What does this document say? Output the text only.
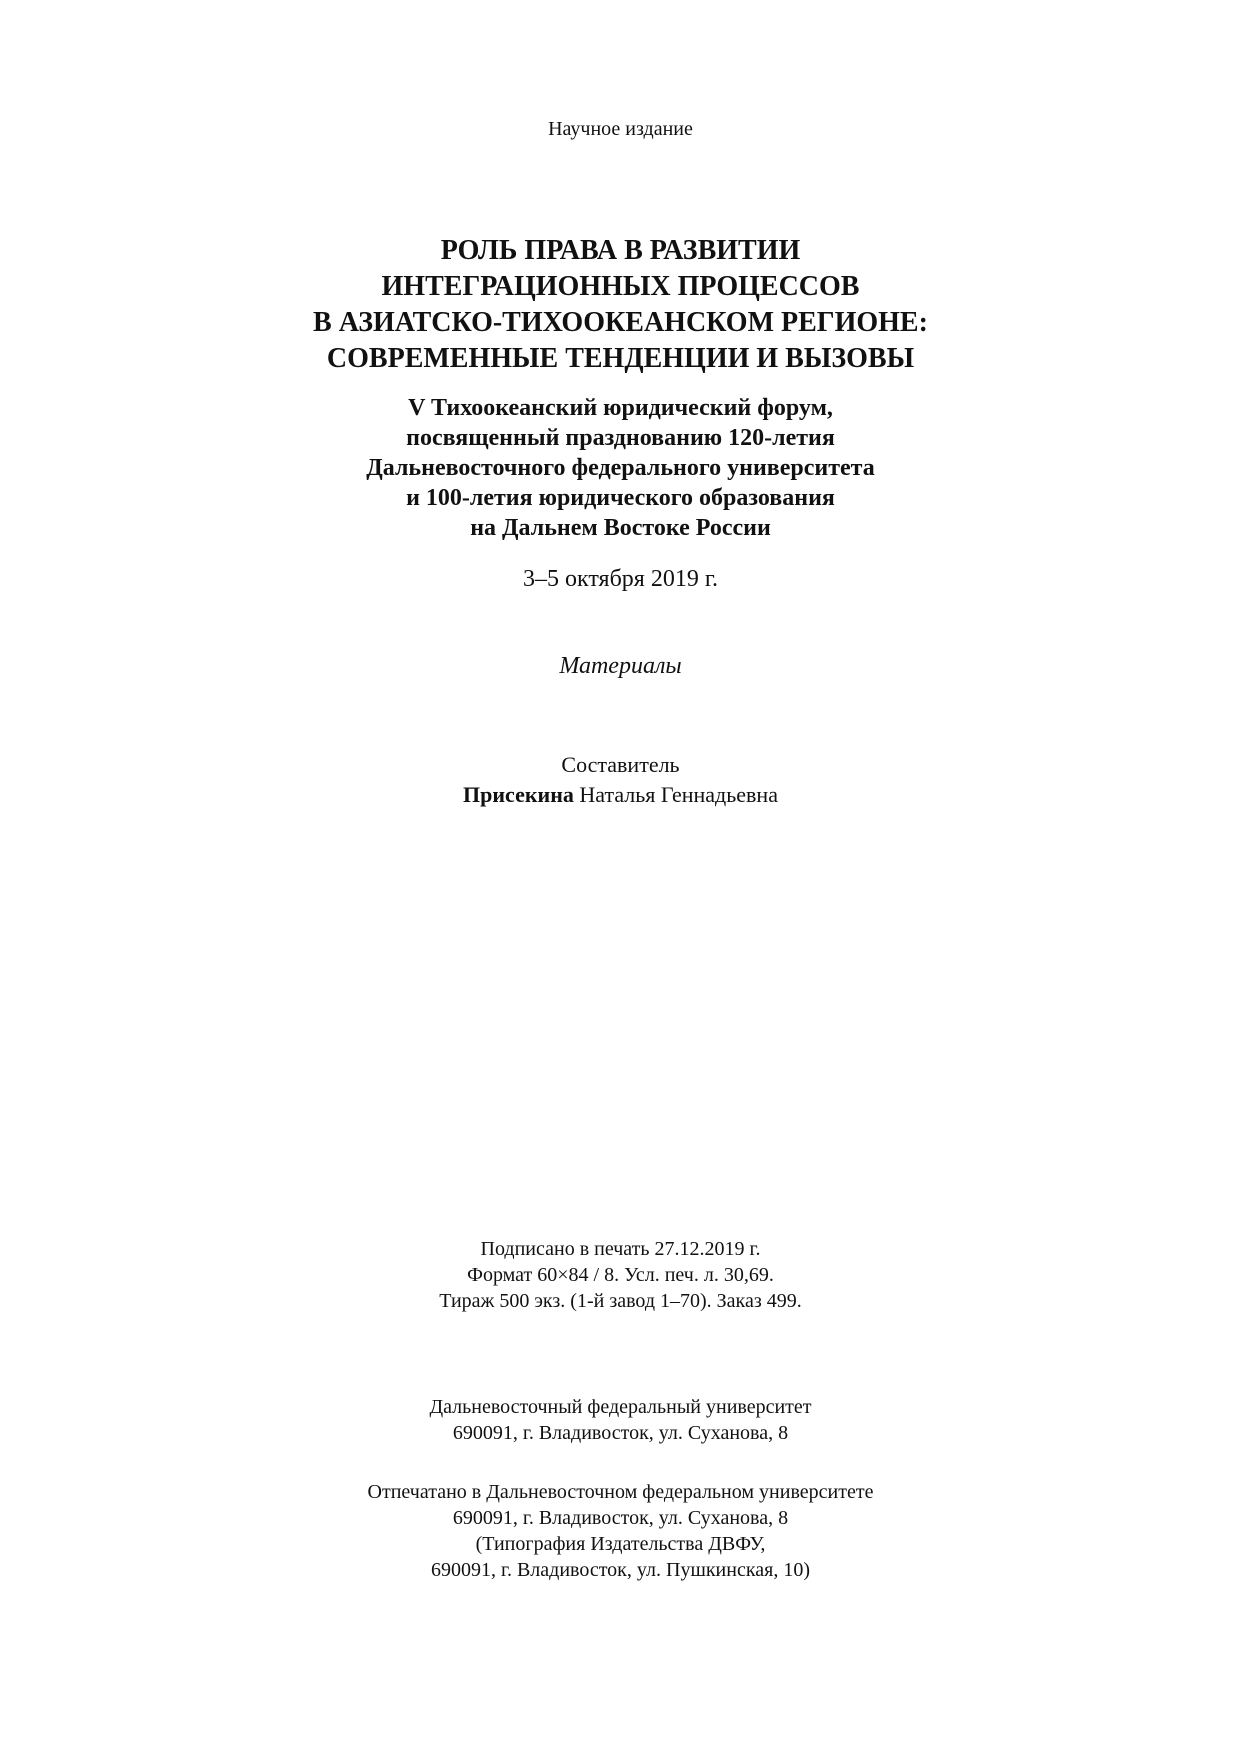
Научное издание
РОЛЬ ПРАВА В РАЗВИТИИ
ИНТЕГРАЦИОННЫХ ПРОЦЕССОВ
В АЗИАТСКО-ТИХООКЕАНСКОМ РЕГИОНЕ:
СОВРЕМЕННЫЕ ТЕНДЕНЦИИ И ВЫЗОВЫ
V Тихоокеанский юридический форум,
посвященный празднованию 120-летия
Дальневосточного федерального университета
и 100-летия юридического образования
на Дальнем Востоке России
3–5 октября 2019 г.
Материалы
Составитель
Присекина Наталья Геннадьевна
Подписано в печать 27.12.2019 г.
Формат 60×84 / 8. Усл. печ. л. 30,69.
Тираж 500 экз. (1-й завод 1–70). Заказ 499.
Дальневосточный федеральный университет
690091, г. Владивосток, ул. Суханова, 8
Отпечатано в Дальневосточном федеральном университете
690091, г. Владивосток, ул. Суханова, 8
(Типография Издательства ДВФУ,
690091, г. Владивосток, ул. Пушкинская, 10)
